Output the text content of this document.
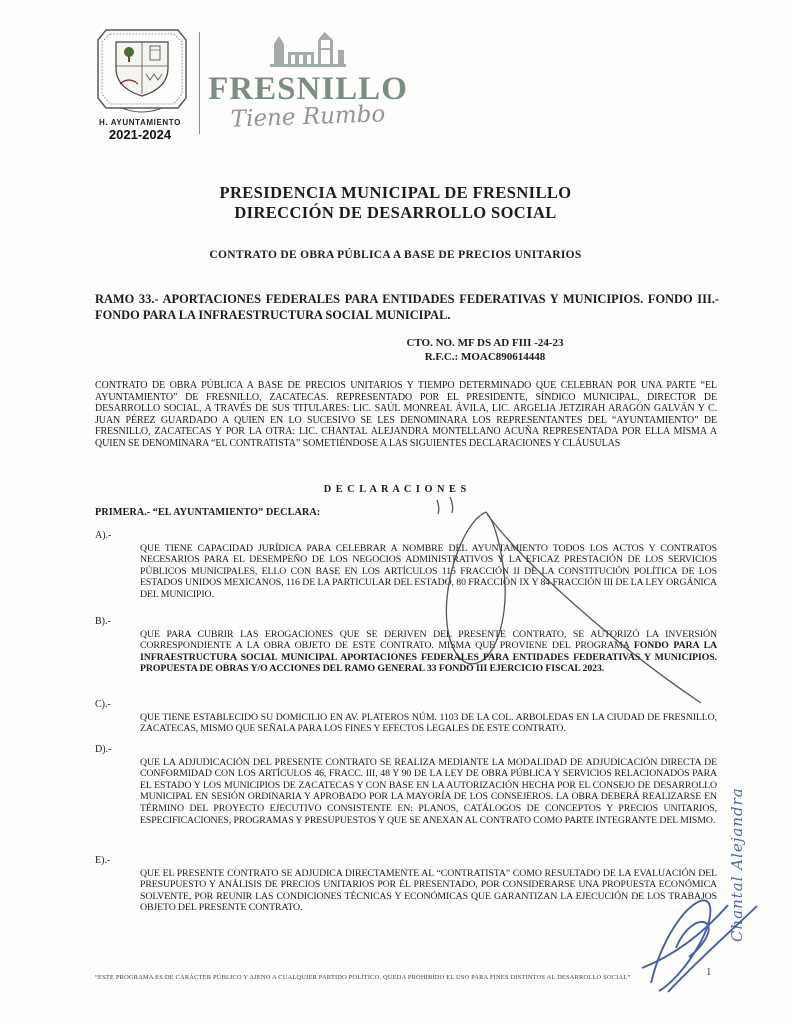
H. AYUNTAMIENTO
2021-2024
FRESNILLO
Tiene Rumbo
PRESIDENCIA MUNICIPAL DE FRESNILLO
DIRECCIÓN DE DESARROLLO SOCIAL
CONTRATO DE OBRA PÚBLICA A BASE DE PRECIOS UNITARIOS
RAMO 33.- APORTACIONES FEDERALES PARA ENTIDADES FEDERATIVAS Y MUNICIPIOS. FONDO III.- FONDO PARA LA INFRAESTRUCTURA SOCIAL MUNICIPAL.
CTO. NO. MF DS AD FIII -24-23
R.F.C.: MOAC890614448
CONTRATO DE OBRA PÚBLICA A BASE DE PRECIOS UNITARIOS Y TIEMPO DETERMINADO QUE CELEBRAN POR UNA PARTE “EL AYUNTAMIENTO” DE FRESNILLO, ZACATECAS. REPRESENTADO POR EL PRESIDENTE, SÍNDICO MUNICIPAL, DIRECTOR DE DESARROLLO SOCIAL, A TRAVÉS DE SUS TITULARES: LIC. SAÚL MONREAL ÁVILA, LIC. ARGELIA JETZIRAH ARAGÓN GALVÁN Y C. JUAN PÉREZ GUARDADO A QUIEN EN LO SUCESIVO SE LES DENOMINARA LOS REPRESENTANTES DEL “AYUNTAMIENTO” DE FRESNILLO, ZACATECAS Y POR LA OTRA: LIC. CHANTAL ALEJANDRA MONTELLANO ACUÑA REPRESENTADA POR ELLA MISMA A QUIEN SE DENOMINARA “EL CONTRATISTA” SOMETIÉNDOSE A LAS SIGUIENTES DECLARACIONES Y CLÁUSULAS
D E C L A R A C I O N E S
PRIMERA.- “EL AYUNTAMIENTO” DECLARA:
A).-
QUE TIENE CAPACIDAD JURÍDICA PARA CELEBRAR A NOMBRE DEL AYUNTAMIENTO TODOS LOS ACTOS Y CONTRATOS NECESARIOS PARA EL DESEMPEÑO DE LOS NEGOCIOS ADMINISTRATIVOS Y LA EFICAZ PRESTACIÓN DE LOS SERVICIOS PÚBLICOS MUNICIPALES, ELLO CON BASE EN LOS ARTÍCULOS 115 FRACCIÓN II DE LA CONSTITUCIÓN POLÍTICA DE LOS ESTADOS UNIDOS MEXICANOS, 116 DE LA PARTICULAR DEL ESTADO, 80 FRACCIÓN IX Y 84 FRACCIÓN III DE LA LEY ORGÁNICA DEL MUNICIPIO.
B).-
QUE PARA CUBRIR LAS EROGACIONES QUE SE DERIVEN DEL PRESENTE CONTRATO, SE AUTORIZÓ LA INVERSIÓN CORRESPONDIENTE A LA OBRA OBJETO DE ESTE CONTRATO. MISMA QUE PROVIENE DEL PROGRAMA FONDO PARA LA INFRAESTRUCTURA SOCIAL MUNICIPAL APORTACIONES FEDERALES PARA ENTIDADES FEDERATIVAS Y MUNICIPIOS. PROPUESTA DE OBRAS Y/O ACCIONES DEL RAMO GENERAL 33 FONDO III EJERCICIO FISCAL 2023.
C).-
QUE TIENE ESTABLECIDO SU DOMICILIO EN AV. PLATEROS NÚM. 1103 DE LA COL. ARBOLEDAS EN LA CIUDAD DE FRESNILLO, ZACATECAS, MISMO QUE SEÑALA PARA LOS FINES Y EFECTOS LEGALES DE ESTE CONTRATO.
D).-
QUE LA ADJUDICACIÓN DEL PRESENTE CONTRATO SE REALIZA MEDIANTE LA MODALIDAD DE ADJUDICACIÓN DIRECTA DE CONFORMIDAD CON LOS ARTÍCULOS 46, FRACC. III, 48 Y 90 DE LA LEY DE OBRA PÚBLICA Y SERVICIOS RELACIONADOS PARA EL ESTADO Y LOS MUNICIPIOS DE ZACATECAS Y CON BASE EN LA AUTORIZACIÓN HECHA POR EL CONSEJO DE DESARROLLO MUNICIPAL EN SESIÓN ORDINARIA Y APROBADO POR LA MAYORÍA DE LOS CONSEJEROS. LA OBRA DEBERÁ REALIZARSE EN TÉRMINO DEL PROYECTO EJECUTIVO CONSISTENTE EN: PLANOS, CATÁLOGOS DE CONCEPTOS Y PRECIOS UNITARIOS, ESPECIFICACIONES, PROGRAMAS Y PRESUPUESTOS Y QUE SE ANEXAN AL CONTRATO COMO PARTE INTEGRANTE DEL MISMO.
E).-
QUE EL PRESENTE CONTRATO SE ADJUDICA DIRECTAMENTE AL “CONTRATISTA” COMO RESULTADO DE LA EVALUACIÓN DEL PRESUPUESTO Y ANÁLISIS DE PRECIOS UNITARIOS POR ÉL PRESENTADO, POR CONSIDERARSE UNA PROPUESTA ECONÓMICA SOLVENTE, POR REUNIR LAS CONDICIONES TÉCNICAS Y ECONÓMICAS QUE GARANTIZAN LA EJECUCIÓN DE LOS TRABAJOS OBJETO DEL PRESENTE CONTRATO.
“ESTE PROGRAMA ES DE CARÁCTER PÚBLICO Y AJENO A CUALQUIER PARTIDO POLÍTICO. QUEDA PROHIBIDO EL USO PARA FINES DISTINTOS AL DESARROLLO SOCIAL”	1
Chantal Alejandra
